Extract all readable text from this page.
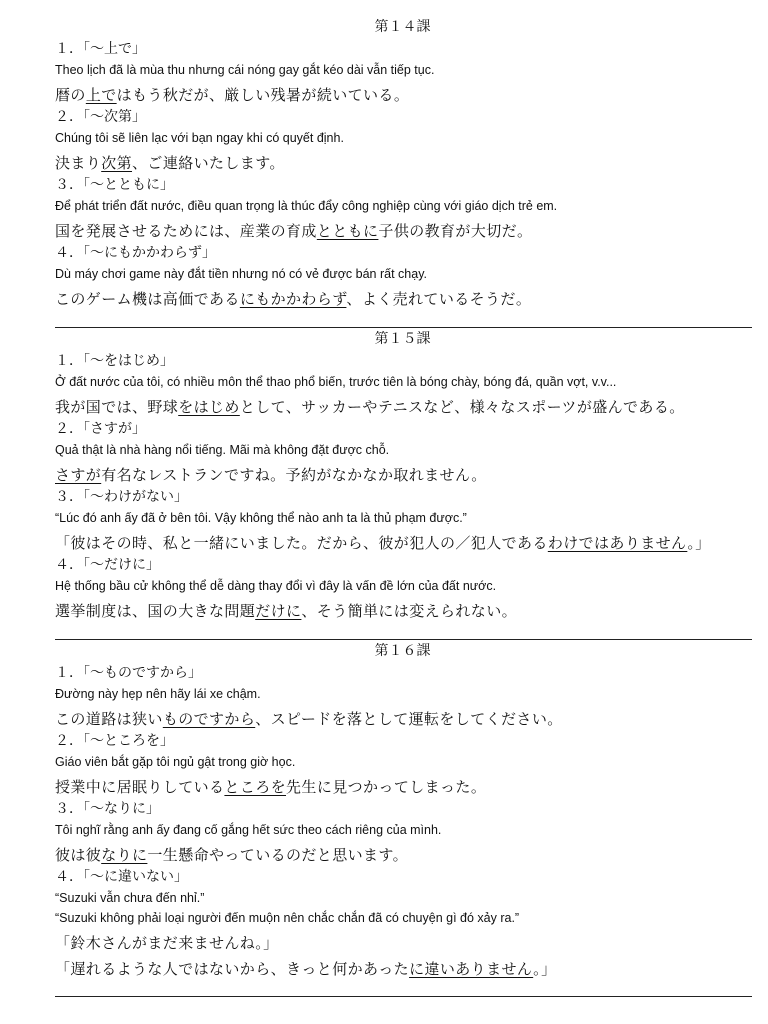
第１４課
１．「～上で」
Theo lịch đã là mùa thu nhưng cái nóng gay gắt kéo dài vẫn tiếp tục.
暦の上ではもう秋だが、厳しい残暑が続いている。
２．「～次第」
Chúng tôi sẽ liên lạc với bạn ngay khi có quyết định.
決まり次第、ご連絡いたします。
３．「～とともに」
Để phát triển đất nước, điều quan trọng là thúc đẩy công nghiệp cùng với giáo dịch trẻ em.
国を発展させるためには、産業の育成とともに子供の教育が大切だ。
４．「～にもかかわらず」
Dù máy chơi game này đắt tiền nhưng nó có vẻ được bán rất chạy.
このゲーム機は高価であるにもかかわらず、よく売れているそうだ。
第１５課
１．「～をはじめ」
Ở đất nước của tôi, có nhiều môn thể thao phổ biến, trước tiên là bóng chày, bóng đá, quần vợt, v.v...
我が国では、野球をはじめとして、サッカーやテニスなど、様々なスポーツが盛んである。
２．「さすが」
Quả thật là nhà hàng nổi tiếng. Mãi mà không đặt được chỗ.
さすが有名なレストランですね。予約がなかなか取れません。
３．「～わけがない」
“Lúc đó anh ấy đã ở bên tôi. Vậy không thể nào anh ta là thủ phạm được.”
「彼はその時、私と一緒にいました。だから、彼が犯人の／犯人であるわけではありません。」
４．「～だけに」
Hệ thống bầu cử không thể dễ dàng thay đổi vì đây là vấn đề lớn của đất nước.
選挙制度は、国の大きな問題だけに、そう簡単には変えられない。
第１６課
１．「～ものですから」
Đường này hẹp nên hãy lái xe chậm.
この道路は狭いものですから、スピードを落として運転をしてください。
２．「～ところを」
Giáo viên bắt gặp tôi ngủ gật trong giờ học.
授業中に居眠りしているところを先生に見つかってしまった。
３．「～なりに」
Tôi nghĩ rằng anh ấy đang cố gắng hết sức theo cách riêng của mình.
彼は彼なりに一生懸命やっているのだと思います。
４．「～に違いない」
“Suzuki vẫn chưa đến nhỉ.”
“Suzuki không phải loại người đến muộn nên chắc chắn đã có chuyện gì đó xảy ra.”
「鈴木さんがまだ来ませんね。」
「遅れるような人ではないから、きっと何かあったに違いありません。」
